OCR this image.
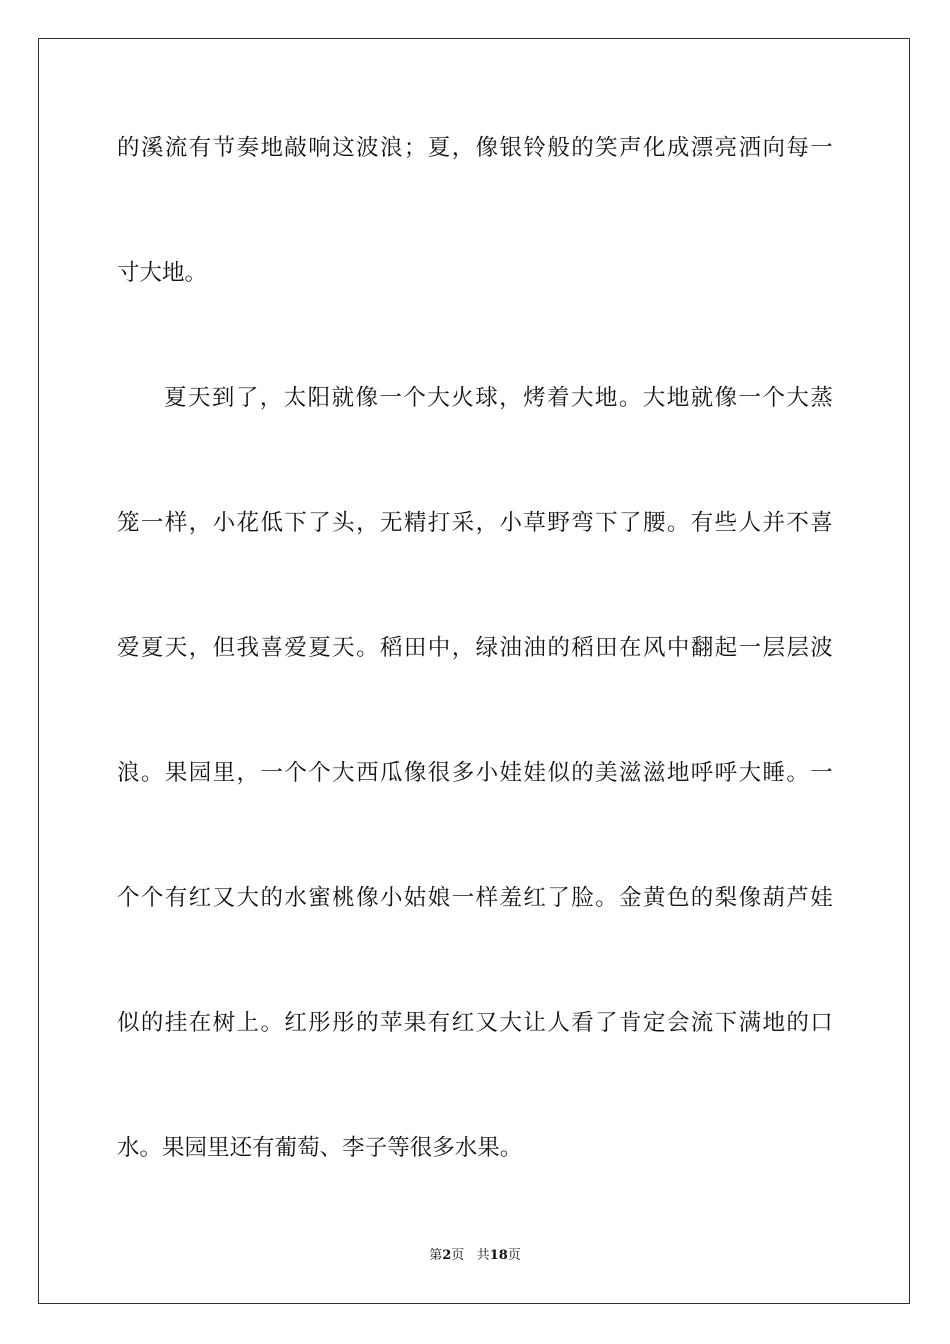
的 溪 流 有 节 奏 地 敲 响 这 波 浪 ； 夏 ， 像 银 铃 般 的 笑 声 化 成 漂 亮 洒 向 每 一
寸 大 地 。
夏 天 到 了 ， 太 阳 就 像 一 个 大 火 球 ， 烤 着 大 地 。 大 地 就 像 一 个 大 蒸
笼 一 样 ， 小 花 低 下 了 头 ， 无 精 打 采 ， 小 草 野 弯 下 了 腰 。 有 些 人 并 不 喜
爱 夏 天 ， 但 我 喜 爱 夏 天 。 稻 田 中 ， 绿 油 油 的 稻 田 在 风 中 翻 起 一 层 层 波
浪 。 果 园 里 ， 一 个 个 大 西 瓜 像 很 多 小 娃 娃 似 的 美 滋 滋 地 呼 呼 大 睡 。 一
个 个 有 红 又 大 的 水 蜜 桃 像 小 姑 娘 一 样 羞 红 了 脸 。 金 黄 色 的 梨 像 葫 芦 娃
似 的 挂 在 树 上 。 红 彤 彤 的 苹 果 有 红 又 大 让 人 看 了 肯 定 会 流 下 满 地 的 口
水 。 果 园 里 还 有 葡 萄 、 李 子 等 很 多 水 果 。
第2页 共18页
